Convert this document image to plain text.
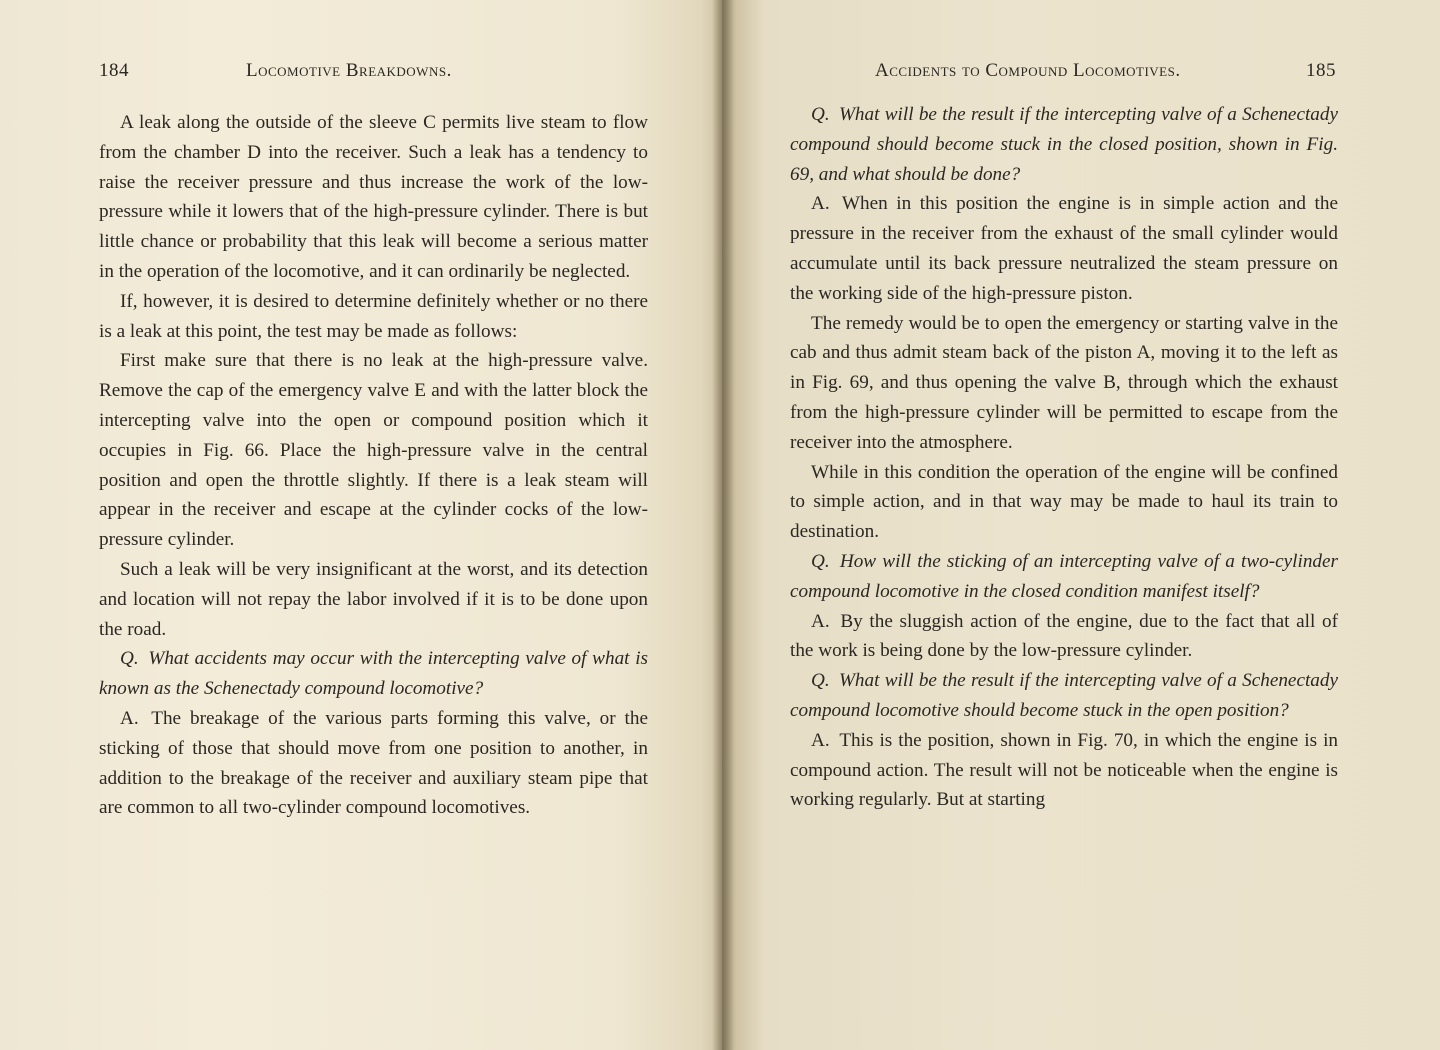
184	Locomotive Breakdowns.

A leak along the outside of the sleeve C permits live steam to flow from the chamber D into the receiver. Such a leak has a tendency to raise the receiver pressure and thus increase the work of the low-pressure while it lowers that of the high-pressure cylinder. There is but little chance or probability that this leak will become a serious matter in the operation of the locomotive, and it can ordinarily be neglected.

If, however, it is desired to determine definitely whether or no there is a leak at this point, the test may be made as follows:

First make sure that there is no leak at the high-pressure valve. Remove the cap of the emergency valve E and with the latter block the intercepting valve into the open or compound position which it occupies in Fig. 66. Place the high-pressure valve in the central position and open the throttle slightly. If there is a leak steam will appear in the receiver and escape at the cylinder cocks of the low-pressure cylinder.

Such a leak will be very insignificant at the worst, and its detection and location will not repay the labor involved if it is to be done upon the road.

Q. What accidents may occur with the intercepting valve of what is known as the Schenectady compound locomotive?

A. The breakage of the various parts forming this valve, or the sticking of those that should move from one position to another, in addition to the breakage of the receiver and auxiliary steam pipe that are common to all two-cylinder compound locomotives.

Accidents to Compound Locomotives.	185

Q. What will be the result if the intercepting valve of a Schenectady compound should become stuck in the closed position, shown in Fig. 69, and what should be done?

A. When in this position the engine is in simple action and the pressure in the receiver from the exhaust of the small cylinder would accumulate until its back pressure neutralized the steam pressure on the working side of the high-pressure piston.

The remedy would be to open the emergency or starting valve in the cab and thus admit steam back of the piston A, moving it to the left as in Fig. 69, and thus opening the valve B, through which the exhaust from the high-pressure cylinder will be permitted to escape from the receiver into the atmosphere.

While in this condition the operation of the engine will be confined to simple action, and in that way may be made to haul its train to destination.

Q. How will the sticking of an intercepting valve of a two-cylinder compound locomotive in the closed condition manifest itself?

A. By the sluggish action of the engine, due to the fact that all of the work is being done by the low-pressure cylinder.

Q. What will be the result if the intercepting valve of a Schenectady compound locomotive should become stuck in the open position?

A. This is the position, shown in Fig. 70, in which the engine is in compound action. The result will not be noticeable when the engine is working regularly. But at starting
